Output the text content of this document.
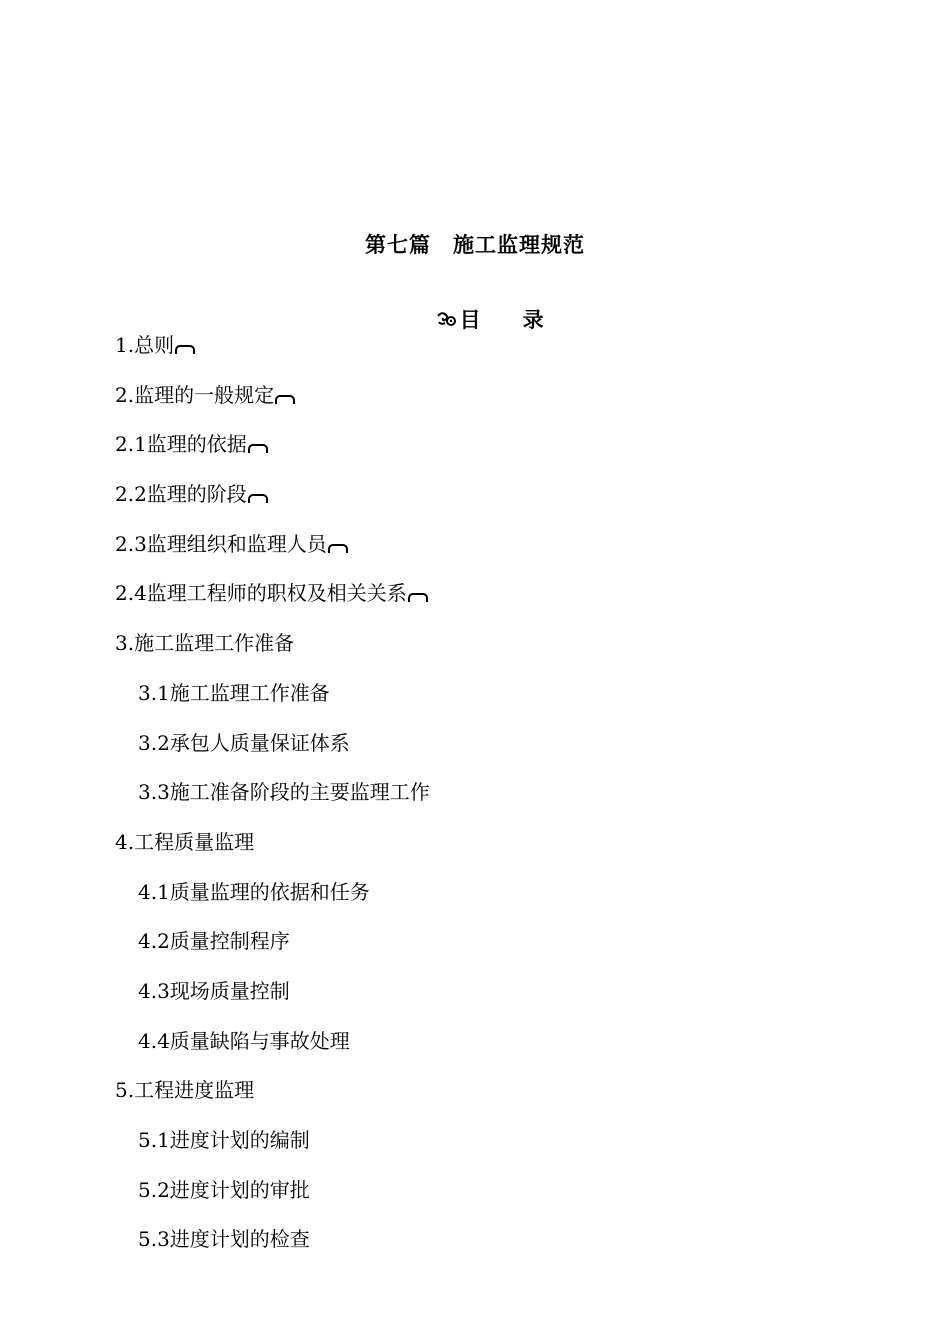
第七篇　施工监理规范

目　　录

1.总则
2.监理的一般规定
2.1监理的依据
2.2监理的阶段
2.3监理组织和监理人员
2.4监理工程师的职权及相关关系
3.施工监理工作准备
3.1施工监理工作准备
3.2承包人质量保证体系
3.3施工准备阶段的主要监理工作
4.工程质量监理
4.1质量监理的依据和任务
4.2质量控制程序
4.3现场质量控制
4.4质量缺陷与事故处理
5.工程进度监理
5.1进度计划的编制
5.2进度计划的审批
5.3进度计划的检查
